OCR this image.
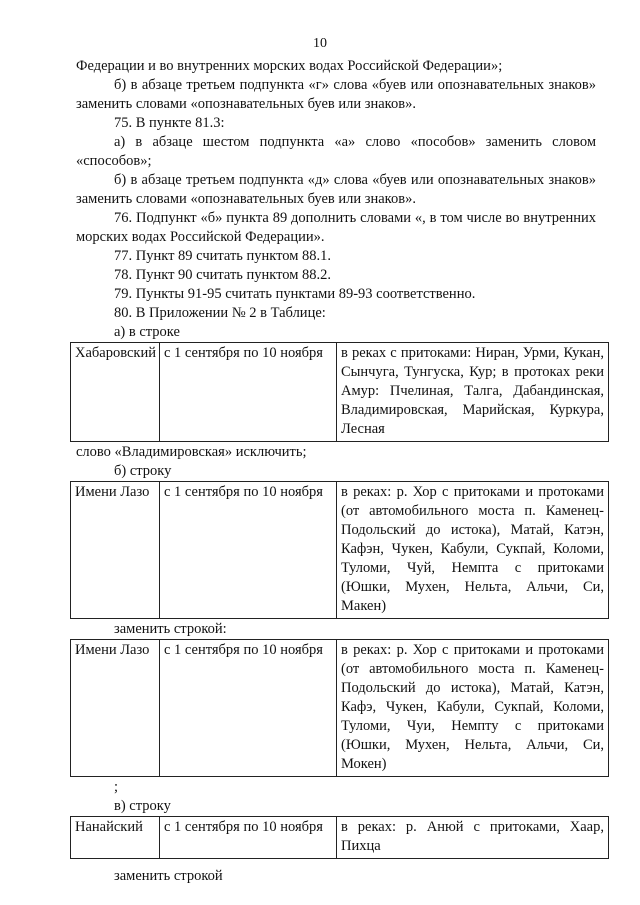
10

Федерации и во внутренних морских водах Российской Федерации»;

б) в абзаце третьем подпункта «г» слова «буев или опознавательных знаков» заменить словами «опознавательных буев или знаков».

75. В пункте 81.3:

а) в абзаце шестом подпункта «а» слово «пособов» заменить словом «способов»;

б) в абзаце третьем подпункта «д» слова «буев или опознавательных знаков» заменить словами «опознавательных буев или знаков».

76. Подпункт «б» пункта 89 дополнить словами «, в том числе во внутренних морских водах Российской Федерации».

77. Пункт 89 считать пунктом 88.1.

78. Пункт 90 считать пунктом 88.2.

79. Пункты 91-95 считать пунктами 89-93 соответственно.

80. В Приложении № 2 в Таблице:

а) в строке

Хабаровский	с 1 сентября по 10 ноября	в реках с притоками: Ниран, Урми, Кукан, Сынчуга, Тунгуска, Кур; в протоках реки Амур: Пчелиная, Талга, Дабандинская, Владимировская, Марийская, Куркура, Лесная

слово «Владимировская» исключить;

б) строку

Имени Лазо	с 1 сентября по 10 ноября	в реках: р. Хор с притоками и протоками (от автомобильного моста п. Каменец-Подольский до истока), Матай, Катэн, Кафэн, Чукен, Кабули, Сукпай, Коломи, Туломи, Чуй, Немпта с притоками (Юшки, Мухен, Нельта, Альчи, Си, Макен)

заменить строкой:

Имени Лазо	с 1 сентября по 10 ноября	в реках: р. Хор с притоками и протоками (от автомобильного моста п. Каменец-Подольский до истока), Матай, Катэн, Кафэ, Чукен, Кабули, Сукпай, Коломи, Туломи, Чуи, Немпту с притоками (Юшки, Мухен, Нельта, Альчи, Си, Мокен)

;

в) строку

Нанайский	с 1 сентября по 10 ноября	в реках: р. Анюй с притоками, Хаар, Пихца

заменить строкой
